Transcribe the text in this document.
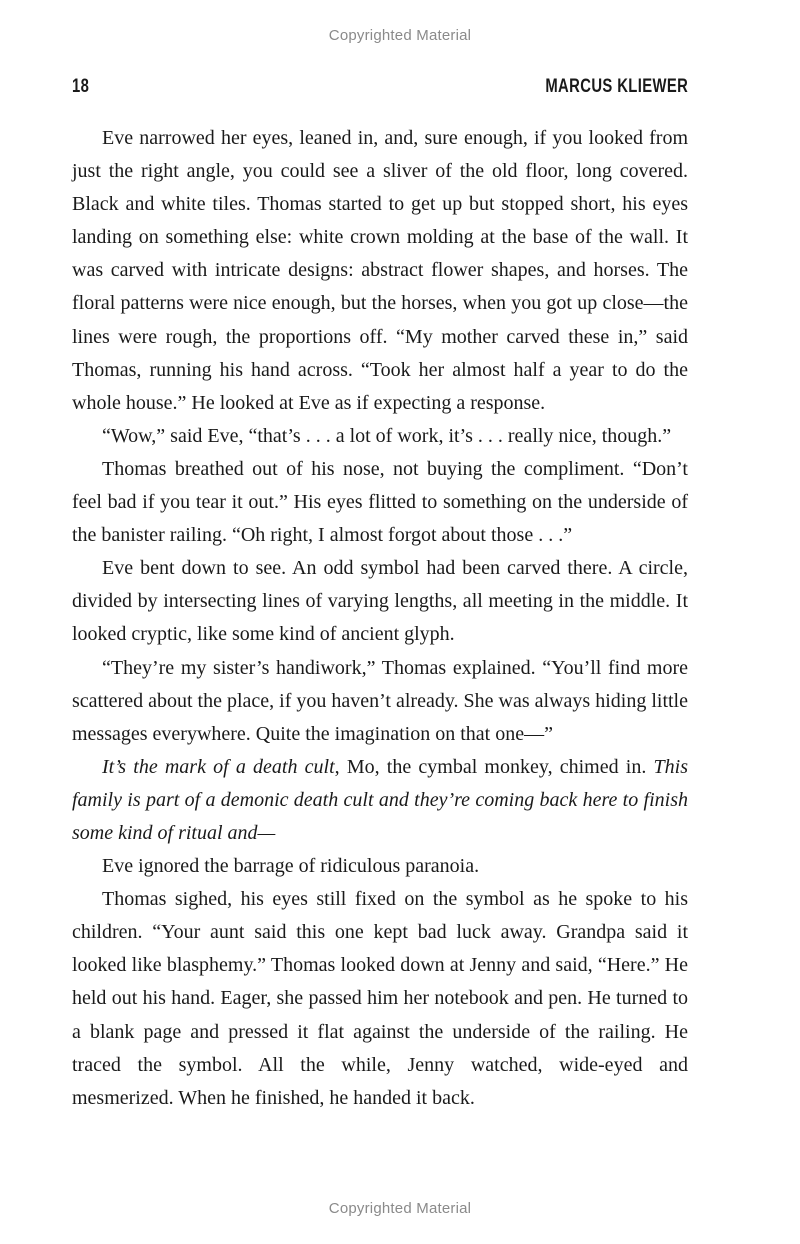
Copyrighted Material
18	MARCUS KLIEWER

Eve narrowed her eyes, leaned in, and, sure enough, if you looked from just the right angle, you could see a sliver of the old floor, long covered. Black and white tiles. Thomas started to get up but stopped short, his eyes landing on something else: white crown molding at the base of the wall. It was carved with intricate designs: abstract flower shapes, and horses. The floral patterns were nice enough, but the horses, when you got up close—the lines were rough, the proportions off. “My mother carved these in,” said Thomas, running his hand across. “Took her almost half a year to do the whole house.” He looked at Eve as if expecting a response.

“Wow,” said Eve, “that’s . . . a lot of work, it’s . . . really nice, though.”

Thomas breathed out of his nose, not buying the compliment. “Don’t feel bad if you tear it out.” His eyes flitted to something on the underside of the banister railing. “Oh right, I almost forgot about those . . .”

Eve bent down to see. An odd symbol had been carved there. A circle, divided by intersecting lines of varying lengths, all meeting in the middle. It looked cryptic, like some kind of ancient glyph.

“They’re my sister’s handiwork,” Thomas explained. “You’ll find more scattered about the place, if you haven’t already. She was always hiding little messages everywhere. Quite the imagination on that one—”

It’s the mark of a death cult, Mo, the cymbal monkey, chimed in. This family is part of a demonic death cult and they’re coming back here to finish some kind of ritual and—

Eve ignored the barrage of ridiculous paranoia.

Thomas sighed, his eyes still fixed on the symbol as he spoke to his children. “Your aunt said this one kept bad luck away. Grandpa said it looked like blasphemy.” Thomas looked down at Jenny and said, “Here.” He held out his hand. Eager, she passed him her notebook and pen. He turned to a blank page and pressed it flat against the underside of the railing. He traced the symbol. All the while, Jenny watched, wide-eyed and mesmerized. When he finished, he handed it back.

Copyrighted Material
